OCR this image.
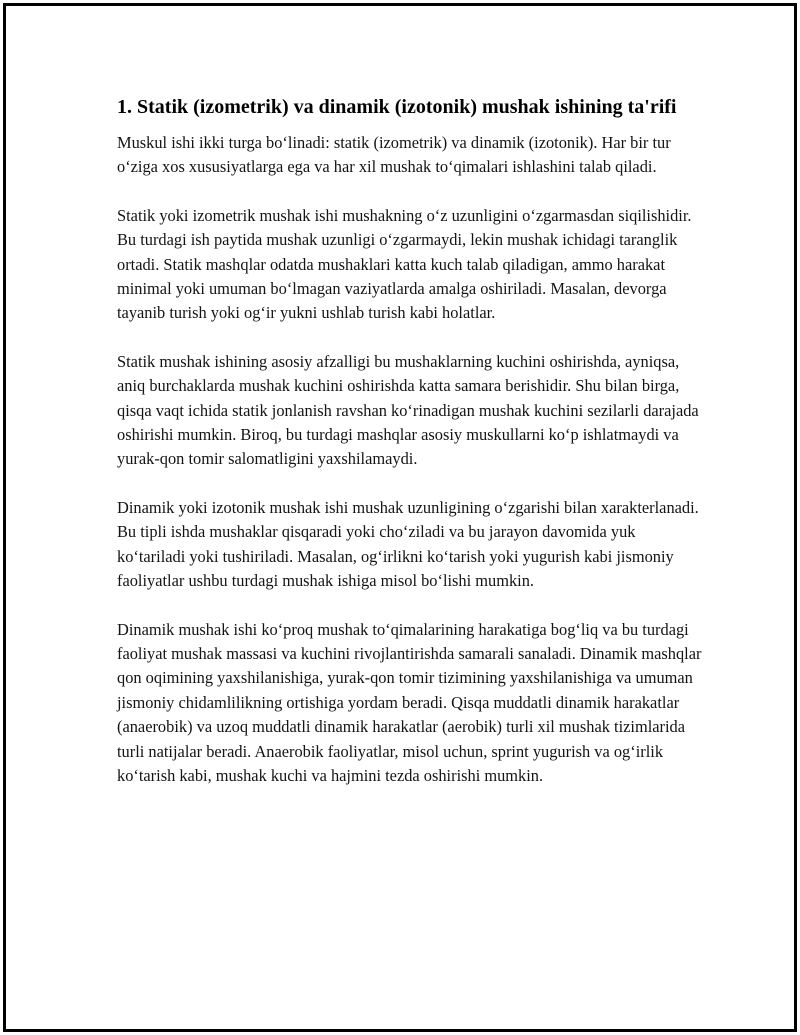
1. Statik (izometrik) va dinamik (izotonik) mushak ishining ta'rifi

Muskul ishi ikki turga bo‘linadi: statik (izometrik) va dinamik (izotonik). Har bir tur o‘ziga xos xususiyatlarga ega va har xil mushak to‘qimalari ishlashini talab qiladi.

Statik yoki izometrik mushak ishi mushakning o‘z uzunligini o‘zgarmasdan siqilishidir. Bu turdagi ish paytida mushak uzunligi o‘zgarmaydi, lekin mushak ichidagi taranglik ortadi. Statik mashqlar odatda mushaklari katta kuch talab qiladigan, ammo harakat minimal yoki umuman bo‘lmagan vaziyatlarda amalga oshiriladi. Masalan, devorga tayanib turish yoki og‘ir yukni ushlab turish kabi holatlar.

Statik mushak ishining asosiy afzalligi bu mushaklarning kuchini oshirishda, ayniqsa, aniq burchaklarda mushak kuchini oshirishda katta samara berishidir. Shu bilan birga, qisqa vaqt ichida statik jonlanish ravshan ko‘rinadigan mushak kuchini sezilarli darajada oshirishi mumkin. Biroq, bu turdagi mashqlar asosiy muskullarni ko‘p ishlatmaydi va yurak-qon tomir salomatligini yaxshilamaydi.

Dinamik yoki izotonik mushak ishi mushak uzunligining o‘zgarishi bilan xarakterlanadi. Bu tipli ishda mushaklar qisqaradi yoki cho‘ziladi va bu jarayon davomida yuk ko‘tariladi yoki tushiriladi. Masalan, og‘irlikni ko‘tarish yoki yugurish kabi jismoniy faoliyatlar ushbu turdagi mushak ishiga misol bo‘lishi mumkin.

Dinamik mushak ishi ko‘proq mushak to‘qimalarining harakatiga bog‘liq va bu turdagi faoliyat mushak massasi va kuchini rivojlantirishda samarali sanaladi. Dinamik mashqlar qon oqimining yaxshilanishiga, yurak-qon tomir tizimining yaxshilanishiga va umuman jismoniy chidamlilikning ortishiga yordam beradi. Qisqa muddatli dinamik harakatlar (anaerobik) va uzoq muddatli dinamik harakatlar (aerobik) turli xil mushak tizimlarida turli natijalar beradi. Anaerobik faoliyatlar, misol uchun, sprint yugurish va og‘irlik ko‘tarish kabi, mushak kuchi va hajmini tezda oshirishi mumkin.
